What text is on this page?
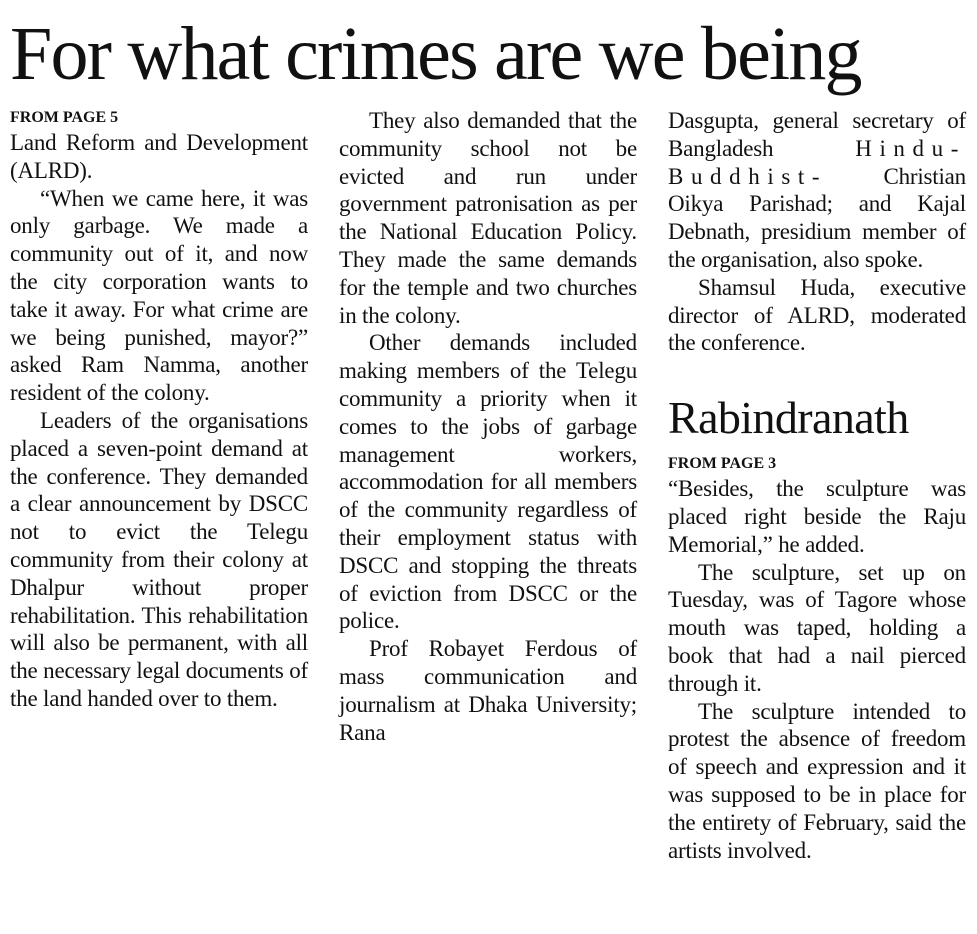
For what crimes are we being
FROM PAGE 5

Land Reform and Development (ALRD).

“When we came here, it was only garbage. We made a community out of it, and now the city corporation wants to take it away. For what crime are we being punished, mayor?” asked Ram Namma, another resident of the colony.

Leaders of the organisations placed a seven-point demand at the conference. They demanded a clear announcement by DSCC not to evict the Telegu community from their colony at Dhalpur without proper rehabilitation. This rehabilitation will also be permanent, with all the necessary legal documents of the land handed over to them.

They also demanded that the community school not be evicted and run under government patronisation as per the National Education Policy. They made the same demands for the temple and two churches in the colony.

Other demands included making members of the Telegu community a priority when it comes to the jobs of garbage management workers, accommodation for all members of the community regardless of their employment status with DSCC and stopping the threats of eviction from DSCC or the police.

Prof Robayet Ferdous of mass communication and journalism at Dhaka University; Rana

Dasgupta, general secretary of Bangladesh Hindu-Buddhist- Christian Oikya Parishad; and Kajal Debnath, presidium member of the organisation, also spoke.

Shamsul Huda, executive director of ALRD, moderated the conference.

Rabindranath
FROM PAGE 3

“Besides, the sculpture was placed right beside the Raju Memorial,” he added.

The sculpture, set up on Tuesday, was of Tagore whose mouth was taped, holding a book that had a nail pierced through it.

The sculpture intended to protest the absence of freedom of speech and expression and it was supposed to be in place for the entirety of February, said the artists involved.
